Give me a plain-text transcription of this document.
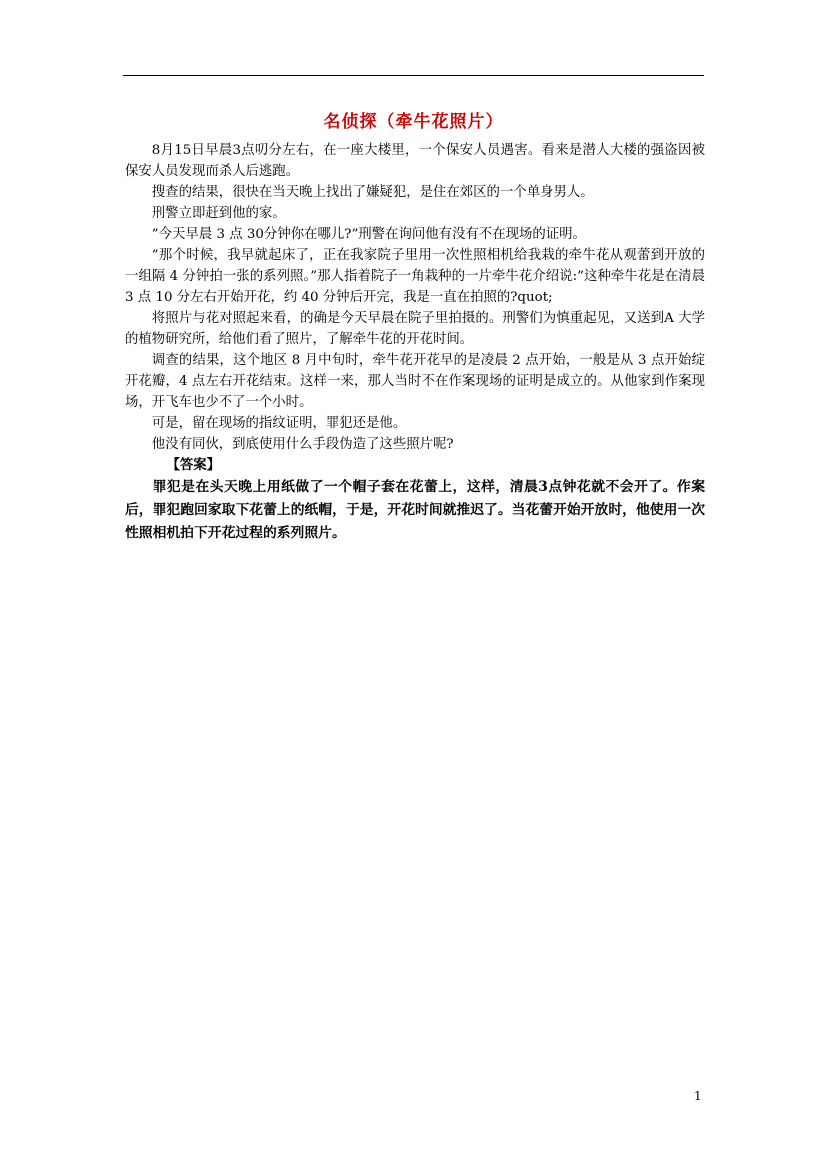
名侦探（牵牛花照片）

8月15日早晨3点叨分左右，在一座大楼里，一个保安人员遇害。看来是潜人大楼的强盗因被保安人员发现而杀人后逃跑。

搜查的结果，很快在当天晚上找出了嫌疑犯，是住在郊区的一个单身男人。

刑警立即赶到他的家。

”今天早晨 3 点 30分钟你在哪儿?”刑警在询问他有没有不在现场的证明。

”那个时候，我早就起床了，正在我家院子里用一次性照相机给我栽的牵牛花从观蕾到开放的一组隔 4 分钟拍一张的系列照。”那人指着院子一角栽种的一片牵牛花介绍说:”这种牵牛花是在清晨 3 点 10 分左右开始开花，约 40 分钟后开完，我是一直在拍照的?quot;

将照片与花对照起来看，的确是今天早晨在院子里拍摄的。刑警们为慎重起见，又送到A 大学的植物研究所，给他们看了照片，了解牵牛花的开花时间。

调查的结果，这个地区 8 月中旬时，牵牛花开花早的是凌晨 2 点开始，一般是从 3 点开始绽开花瓣，4 点左右开花结束。这样一来，那人当时不在作案现场的证明是成立的。从他家到作案现场，开飞车也少不了一个小时。

可是，留在现场的指纹证明，罪犯还是他。

他没有同伙，到底使用什么手段伪造了这些照片呢?

【答案】

罪犯是在头天晚上用纸做了一个帽子套在花蕾上，这样，清晨3点钟花就不会开了。作案后，罪犯跑回家取下花蕾上的纸帽，于是，开花时间就推迟了。当花蕾开始开放时，他使用一次性照相机拍下开花过程的系列照片。

1
